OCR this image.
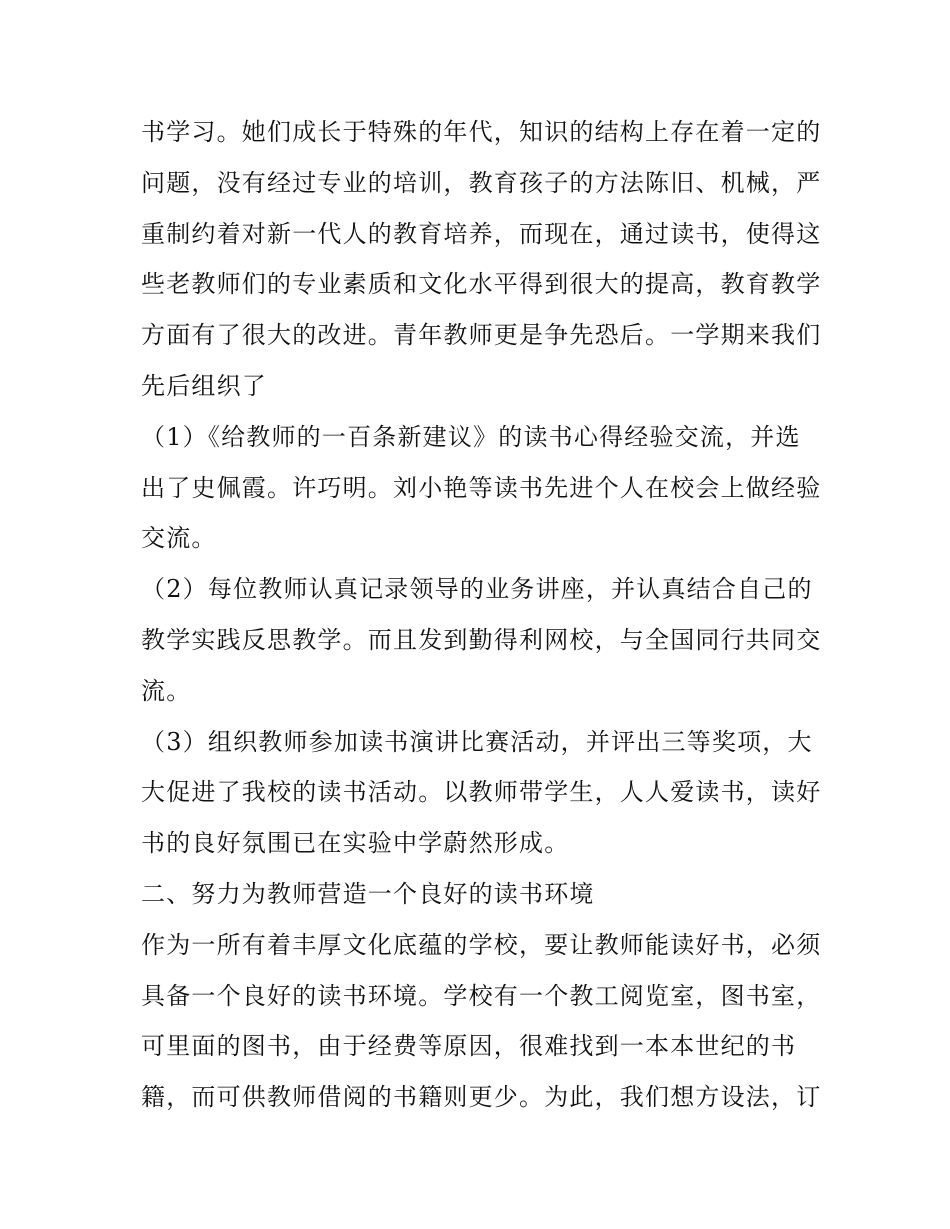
书学习。她们成长于特殊的年代，知识的结构上存在着一定的
问题，没有经过专业的培训，教育孩子的方法陈旧、机械，严
重制约着对新一代人的教育培养，而现在，通过读书，使得这
些老教师们的专业素质和文化水平得到很大的提高，教育教学
方面有了很大的改进。青年教师更是争先恐后。一学期来我们
先后组织了
（1）《给教师的一百条新建议》的读书心得经验交流，并选
出了史佩霞。许巧明。刘小艳等读书先进个人在校会上做经验
交流。
（2）每位教师认真记录领导的业务讲座，并认真结合自己的
教学实践反思教学。而且发到勤得利网校，与全国同行共同交
流。
（3）组织教师参加读书演讲比赛活动，并评出三等奖项，大
大促进了我校的读书活动。以教师带学生，人人爱读书，读好
书的良好氛围已在实验中学蔚然形成。
二、努力为教师营造一个良好的读书环境
作为一所有着丰厚文化底蕴的学校，要让教师能读好书，必须
具备一个良好的读书环境。学校有一个教工阅览室，图书室，
可里面的图书，由于经费等原因，很难找到一本本世纪的书
籍，而可供教师借阅的书籍则更少。为此，我们想方设法，订
